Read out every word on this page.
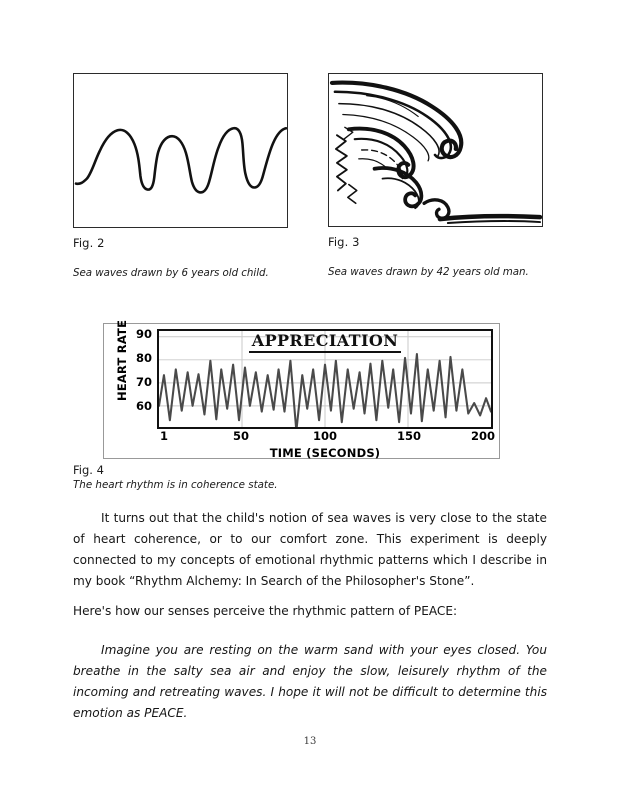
Fig. 2
Sea waves drawn by 6 years old child.
Fig. 3
Sea waves drawn by 42 years old man.
HEART RATE 90
80
70
60
APPRECIATION
1	50	100	150	200
TIME (SECONDS)
Fig. 4
The heart rhythm is in coherence state.

It turns out that the child's notion of sea waves is very close to the state of heart coherence, or to our comfort zone. This experiment is deeply connected to my concepts of emotional rhythmic patterns which I describe in my book “Rhythm Alchemy: In Search of the Philosopher's Stone”.

Here's how our senses perceive the rhythmic pattern of PEACE:

Imagine you are resting on the warm sand with your eyes closed. You breathe in the salty sea air and enjoy the slow, leisurely rhythm of the incoming and retreating waves. I hope it will not be difficult to determine this emotion as PEACE.

13
